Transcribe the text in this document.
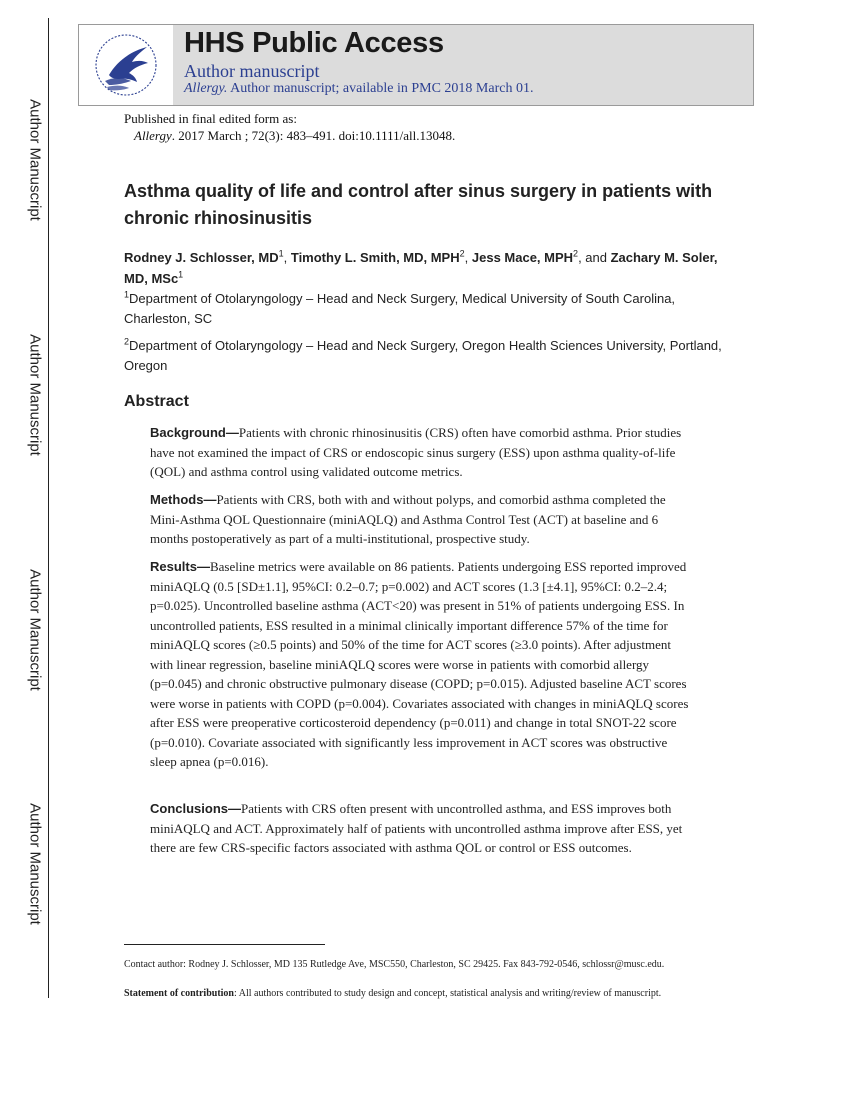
Author Manuscript
Author Manuscript
Author Manuscript
Author Manuscript
HHS Public Access
Author manuscript
Allergy. Author manuscript; available in PMC 2018 March 01.
Published in final edited form as:
Allergy. 2017 March ; 72(3): 483–491. doi:10.1111/all.13048.
Asthma quality of life and control after sinus surgery in patients with chronic rhinosinusitis
Rodney J. Schlosser, $MD^1$, Timothy L. Smith, MD, MPH$^2$, Jess Mace, MPH$^2$, and Zachary M. Soler, MD, MSc$^1$
$^1$Department of Otolaryngology – Head and Neck Surgery, Medical University of South Carolina, Charleston, SC
$^2$Department of Otolaryngology – Head and Neck Surgery, Oregon Health Sciences University, Portland, Oregon
Abstract
Background—Patients with chronic rhinosinusitis (CRS) often have comorbid asthma. Prior studies have not examined the impact of CRS or endoscopic sinus surgery (ESS) upon asthma quality-of-life (QOL) and asthma control using validated outcome metrics.
Methods—Patients with CRS, both with and without polyps, and comorbid asthma completed the Mini-Asthma QOL Questionnaire (miniAQLQ) and Asthma Control Test (ACT) at baseline and 6 months postoperatively as part of a multi-institutional, prospective study.
Results—Baseline metrics were available on 86 patients. Patients undergoing ESS reported improved miniAQLQ (0.5 [SD±1.1], 95%CI: 0.2–0.7; p=0.002) and ACT scores (1.3 [±4.1], 95%CI: 0.2–2.4; p=0.025). Uncontrolled baseline asthma (ACT<20) was present in 51% of patients undergoing ESS. In uncontrolled patients, ESS resulted in a minimal clinically important difference 57% of the time for miniAQLQ scores (≥0.5 points) and 50% of the time for ACT scores (≥3.0 points). After adjustment with linear regression, baseline miniAQLQ scores were worse in patients with comorbid allergy (p=0.045) and chronic obstructive pulmonary disease (COPD; p=0.015). Adjusted baseline ACT scores were worse in patients with COPD (p=0.004). Covariates associated with changes in miniAQLQ scores after ESS were preoperative corticosteroid dependency (p=0.011) and change in total SNOT-22 score (p=0.010). Covariate associated with significantly less improvement in ACT scores was obstructive sleep apnea (p=0.016).
Conclusions—Patients with CRS often present with uncontrolled asthma, and ESS improves both miniAQLQ and ACT. Approximately half of patients with uncontrolled asthma improve after ESS, yet there are few CRS-specific factors associated with asthma QOL or control or ESS outcomes.
Contact author: Rodney J. Schlosser, MD 135 Rutledge Ave, MSC550, Charleston, SC 29425. Fax 843-792-0546, schlossr@musc.edu.
Statement of contribution: All authors contributed to study design and concept, statistical analysis and writing/review of manuscript.
